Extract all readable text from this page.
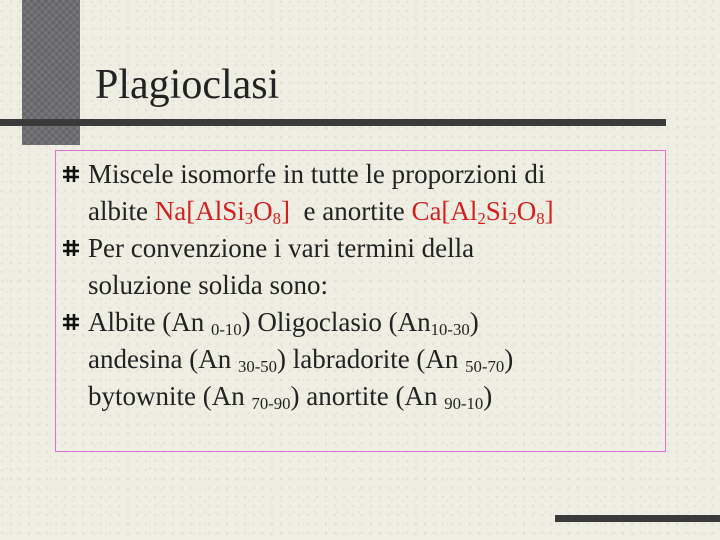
Plagioclasi
Miscele isomorfe in tutte le proporzioni di
albite $Na[AlSi_3O_8]$  e anortite $Ca[Al_2Si_2O_8]$
Per convenzione i vari termini della
soluzione solida sono:
Albite (An $_{0-10}$) Oligoclasio $(An_{10-30})$
andesina (An $_{30-50}$) labradorite (An $_{50-70}$)
bytownite (An $_{70-90}$) anortite (An $_{90-10}$)
